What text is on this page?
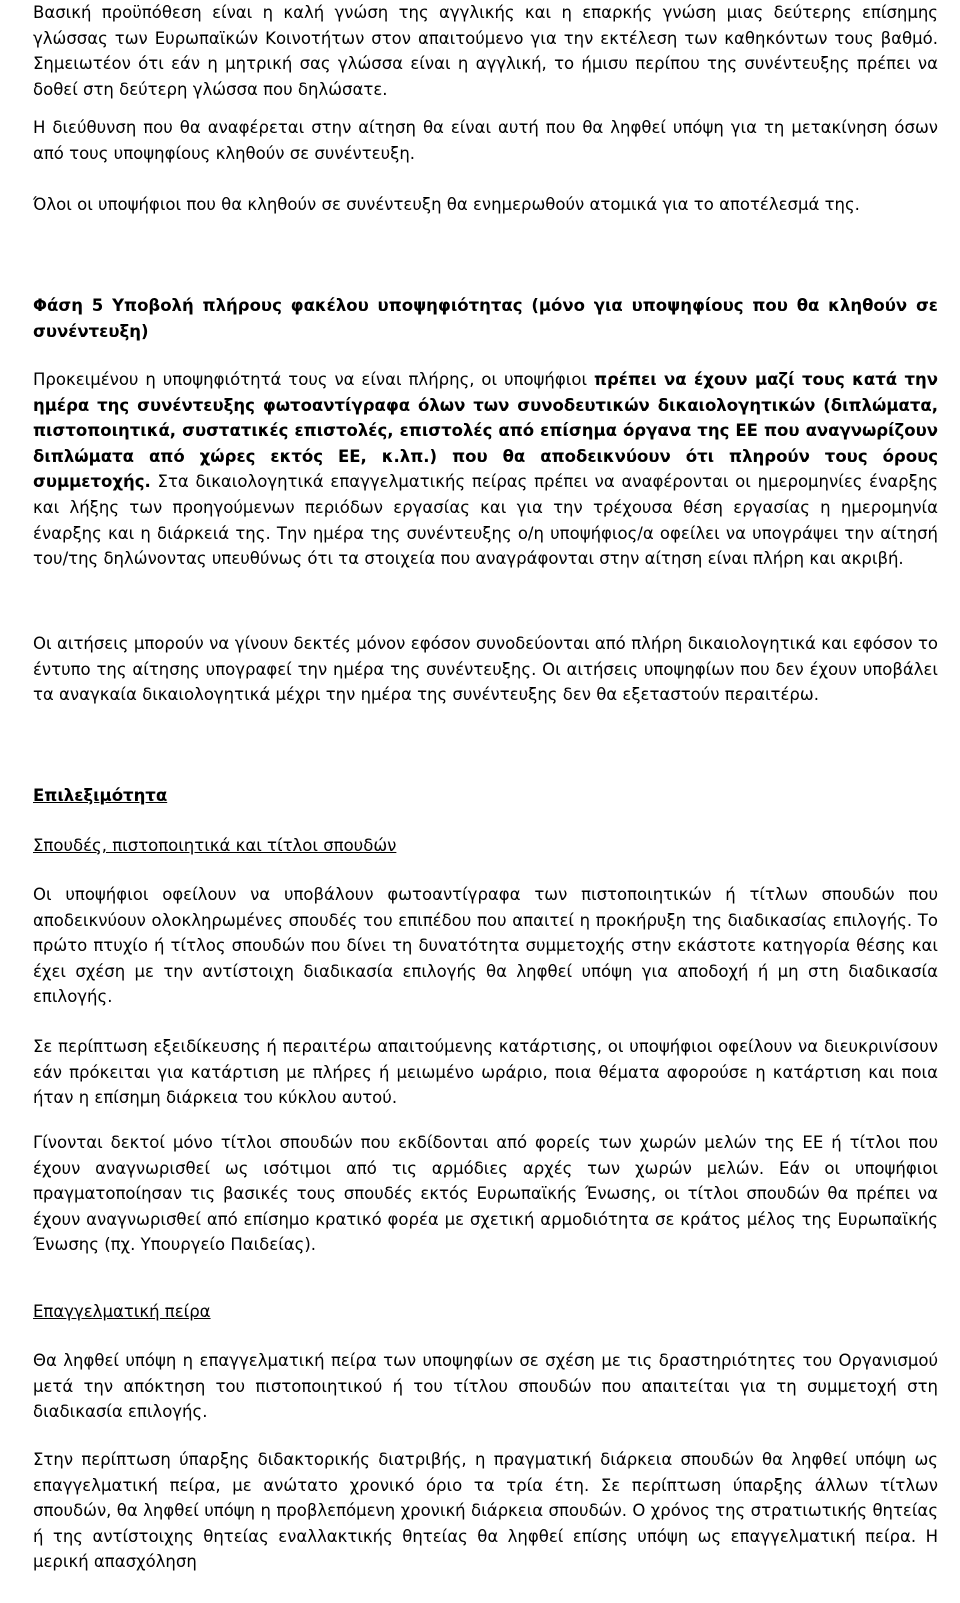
Βασική προϋπόθεση είναι η καλή γνώση της αγγλικής και η επαρκής γνώση μιας δεύτερης επίσημης γλώσσας των Ευρωπαϊκών Κοινοτήτων στον απαιτούμενο για την εκτέλεση των καθηκόντων τους βαθμό. Σημειωτέον ότι εάν η μητρική σας γλώσσα είναι η αγγλική, το ήμισυ περίπου της συνέντευξης πρέπει να δοθεί στη δεύτερη γλώσσα που δηλώσατε.

Η διεύθυνση που θα αναφέρεται στην αίτηση θα είναι αυτή που θα ληφθεί υπόψη για τη μετακίνηση όσων από τους υποψηφίους κληθούν σε συνέντευξη.

Όλοι οι υποψήφιοι που θα κληθούν σε συνέντευξη θα ενημερωθούν ατομικά για το αποτέλεσμά της.

Φάση 5 Υποβολή πλήρους φακέλου υποψηφιότητας (μόνο για υποψηφίους που θα κληθούν σε συνέντευξη)

Προκειμένου η υποψηφιότητά τους να είναι πλήρης, οι υποψήφιοι πρέπει να έχουν μαζί τους κατά την ημέρα της συνέντευξης φωτοαντίγραφα όλων των συνοδευτικών δικαιολογητικών (διπλώματα, πιστοποιητικά, συστατικές επιστολές, επιστολές από επίσημα όργανα της ΕΕ που αναγνωρίζουν διπλώματα από χώρες εκτός ΕΕ, κ.λπ.) που θα αποδεικνύουν ότι πληρούν τους όρους συμμετοχής. Στα δικαιολογητικά επαγγελματικής πείρας πρέπει να αναφέρονται οι ημερομηνίες έναρξης και λήξης των προηγούμενων περιόδων εργασίας και για την τρέχουσα θέση εργασίας η ημερομηνία έναρξης και η διάρκειά της. Την ημέρα της συνέντευξης ο/η υποψήφιος/α οφείλει να υπογράψει την αίτησή του/της δηλώνοντας υπευθύνως ότι τα στοιχεία που αναγράφονται στην αίτηση είναι πλήρη και ακριβή.

Οι αιτήσεις μπορούν να γίνουν δεκτές μόνον εφόσον συνοδεύονται από πλήρη δικαιολογητικά και εφόσον το έντυπο της αίτησης υπογραφεί την ημέρα της συνέντευξης. Οι αιτήσεις υποψηφίων που δεν έχουν υποβάλει τα αναγκαία δικαιολογητικά μέχρι την ημέρα της συνέντευξης δεν θα εξεταστούν περαιτέρω.

Επιλεξιμότητα

Σπουδές, πιστοποιητικά και τίτλοι σπουδών

Οι υποψήφιοι οφείλουν να υποβάλουν φωτοαντίγραφα των πιστοποιητικών ή τίτλων σπουδών που αποδεικνύουν ολοκληρωμένες σπουδές του επιπέδου που απαιτεί η προκήρυξη της διαδικασίας επιλογής. Το πρώτο πτυχίο ή τίτλος σπουδών που δίνει τη δυνατότητα συμμετοχής στην εκάστοτε κατηγορία θέσης και έχει σχέση με την αντίστοιχη διαδικασία επιλογής θα ληφθεί υπόψη για αποδοχή ή μη στη διαδικασία επιλογής.

Σε περίπτωση εξειδίκευσης ή περαιτέρω απαιτούμενης κατάρτισης, οι υποψήφιοι οφείλουν να διευκρινίσουν εάν πρόκειται για κατάρτιση με πλήρες ή μειωμένο ωράριο, ποια θέματα αφορούσε η κατάρτιση και ποια ήταν η επίσημη διάρκεια του κύκλου αυτού.

Γίνονται δεκτοί μόνο τίτλοι σπουδών που εκδίδονται από φορείς των χωρών μελών της ΕΕ ή τίτλοι που έχουν αναγνωρισθεί ως ισότιμοι από τις αρμόδιες αρχές των χωρών μελών. Εάν οι υποψήφιοι πραγματοποίησαν τις βασικές τους σπουδές εκτός Ευρωπαϊκής Ένωσης, οι τίτλοι σπουδών θα πρέπει να έχουν αναγνωρισθεί από επίσημο κρατικό φορέα με σχετική αρμοδιότητα σε κράτος μέλος της Ευρωπαϊκής Ένωσης (πχ. Υπουργείο Παιδείας).

Επαγγελματική πείρα

Θα ληφθεί υπόψη η επαγγελματική πείρα των υποψηφίων σε σχέση με τις δραστηριότητες του Οργανισμού μετά την απόκτηση του πιστοποιητικού ή του τίτλου σπουδών που απαιτείται για τη συμμετοχή στη διαδικασία επιλογής.

Στην περίπτωση ύπαρξης διδακτορικής διατριβής, η πραγματική διάρκεια σπουδών θα ληφθεί υπόψη ως επαγγελματική πείρα, με ανώτατο χρονικό όριο τα τρία έτη. Σε περίπτωση ύπαρξης άλλων τίτλων σπουδών, θα ληφθεί υπόψη η προβλεπόμενη χρονική διάρκεια σπουδών. Ο χρόνος της στρατιωτικής θητείας ή της αντίστοιχης θητείας εναλλακτικής θητείας θα ληφθεί επίσης υπόψη ως επαγγελματική πείρα. Η μερική απασχόληση
